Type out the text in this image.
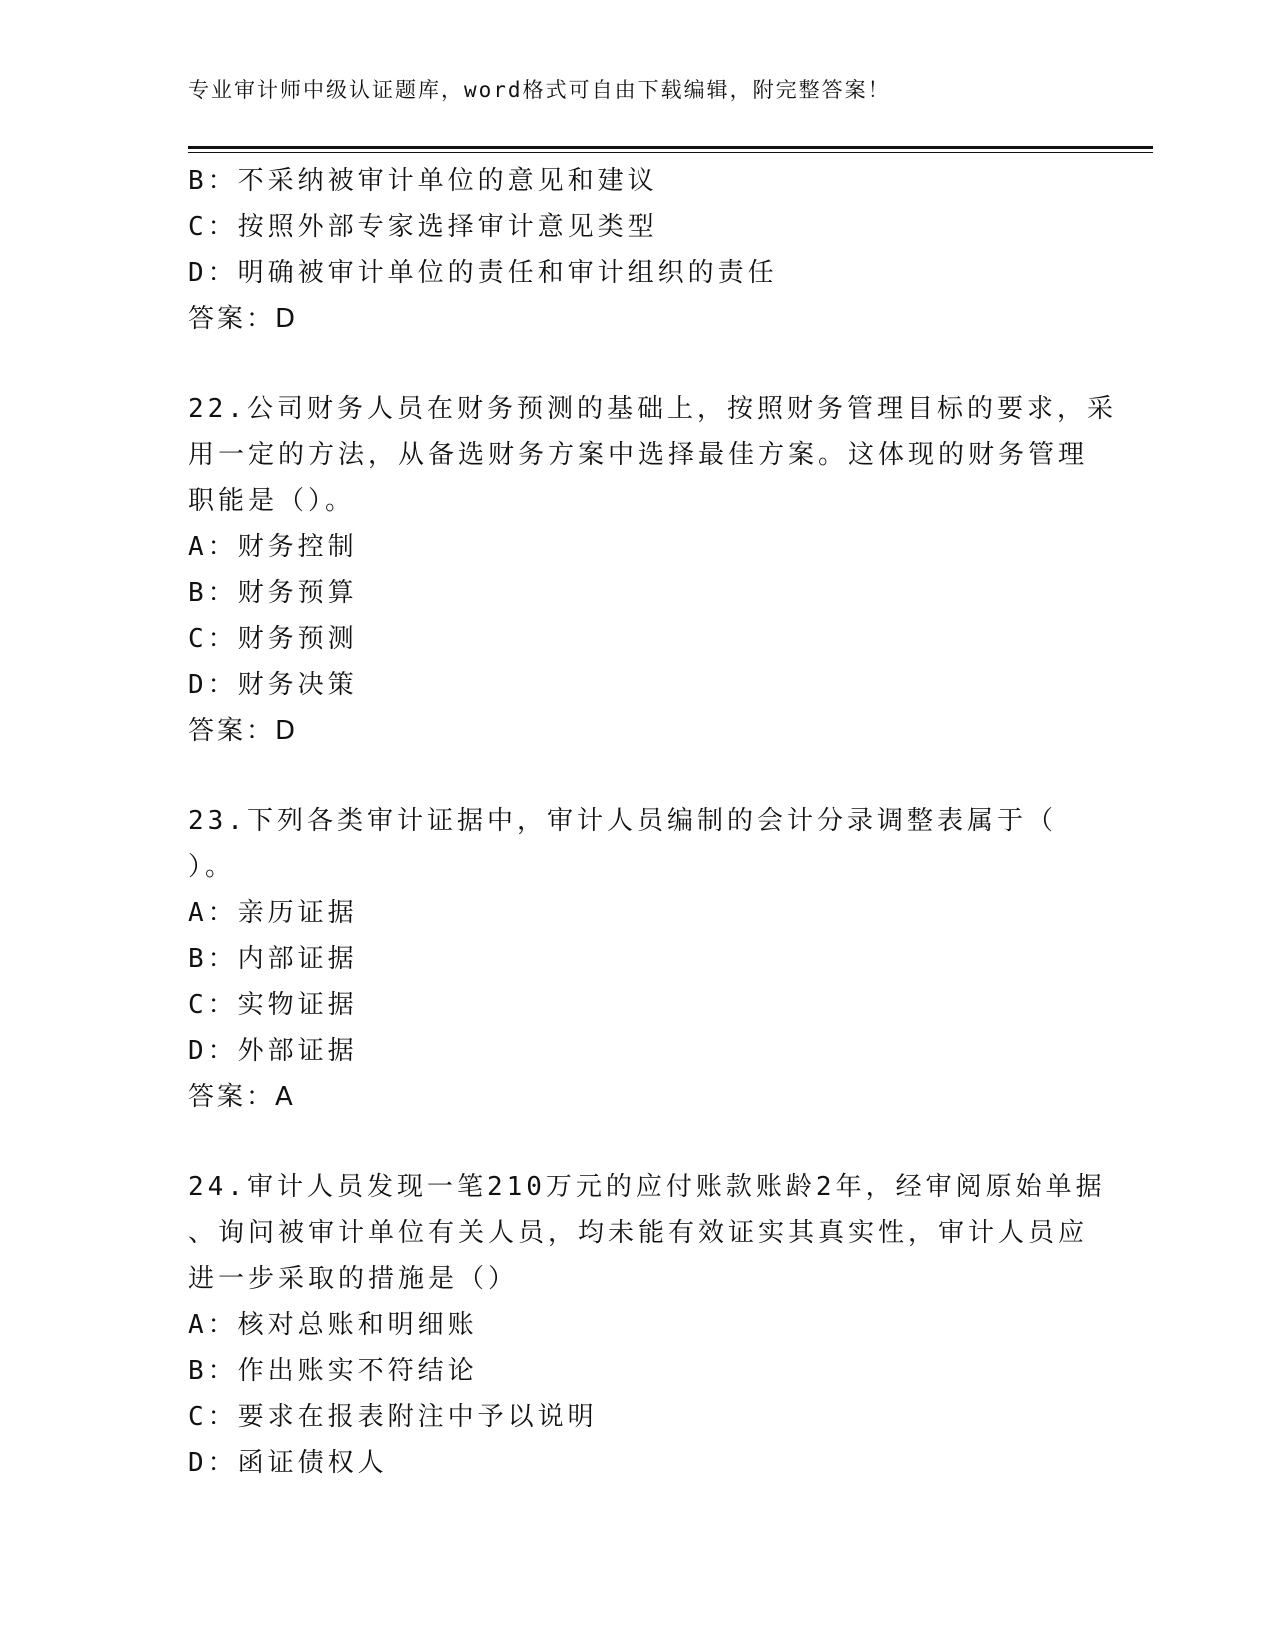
专业审计师中级认证题库，word格式可自由下载编辑，附完整答案！
B：不采纳被审计单位的意见和建议
C：按照外部专家选择审计意见类型
D：明确被审计单位的责任和审计组织的责任
答案：D
22.公司财务人员在财务预测的基础上，按照财务管理目标的要求，采
用一定的方法，从备选财务方案中选择最佳方案。这体现的财务管理
职能是（）。
A：财务控制
B：财务预算
C：财务预测
D：财务决策
答案：D
23.下列各类审计证据中，审计人员编制的会计分录调整表属于（
）。
A：亲历证据
B：内部证据
C：实物证据
D：外部证据
答案：A
24.审计人员发现一笔210万元的应付账款账龄2年，经审阅原始单据
、询问被审计单位有关人员，均未能有效证实其真实性，审计人员应
进一步采取的措施是（）
A：核对总账和明细账
B：作出账实不符结论
C：要求在报表附注中予以说明
D：函证债权人
